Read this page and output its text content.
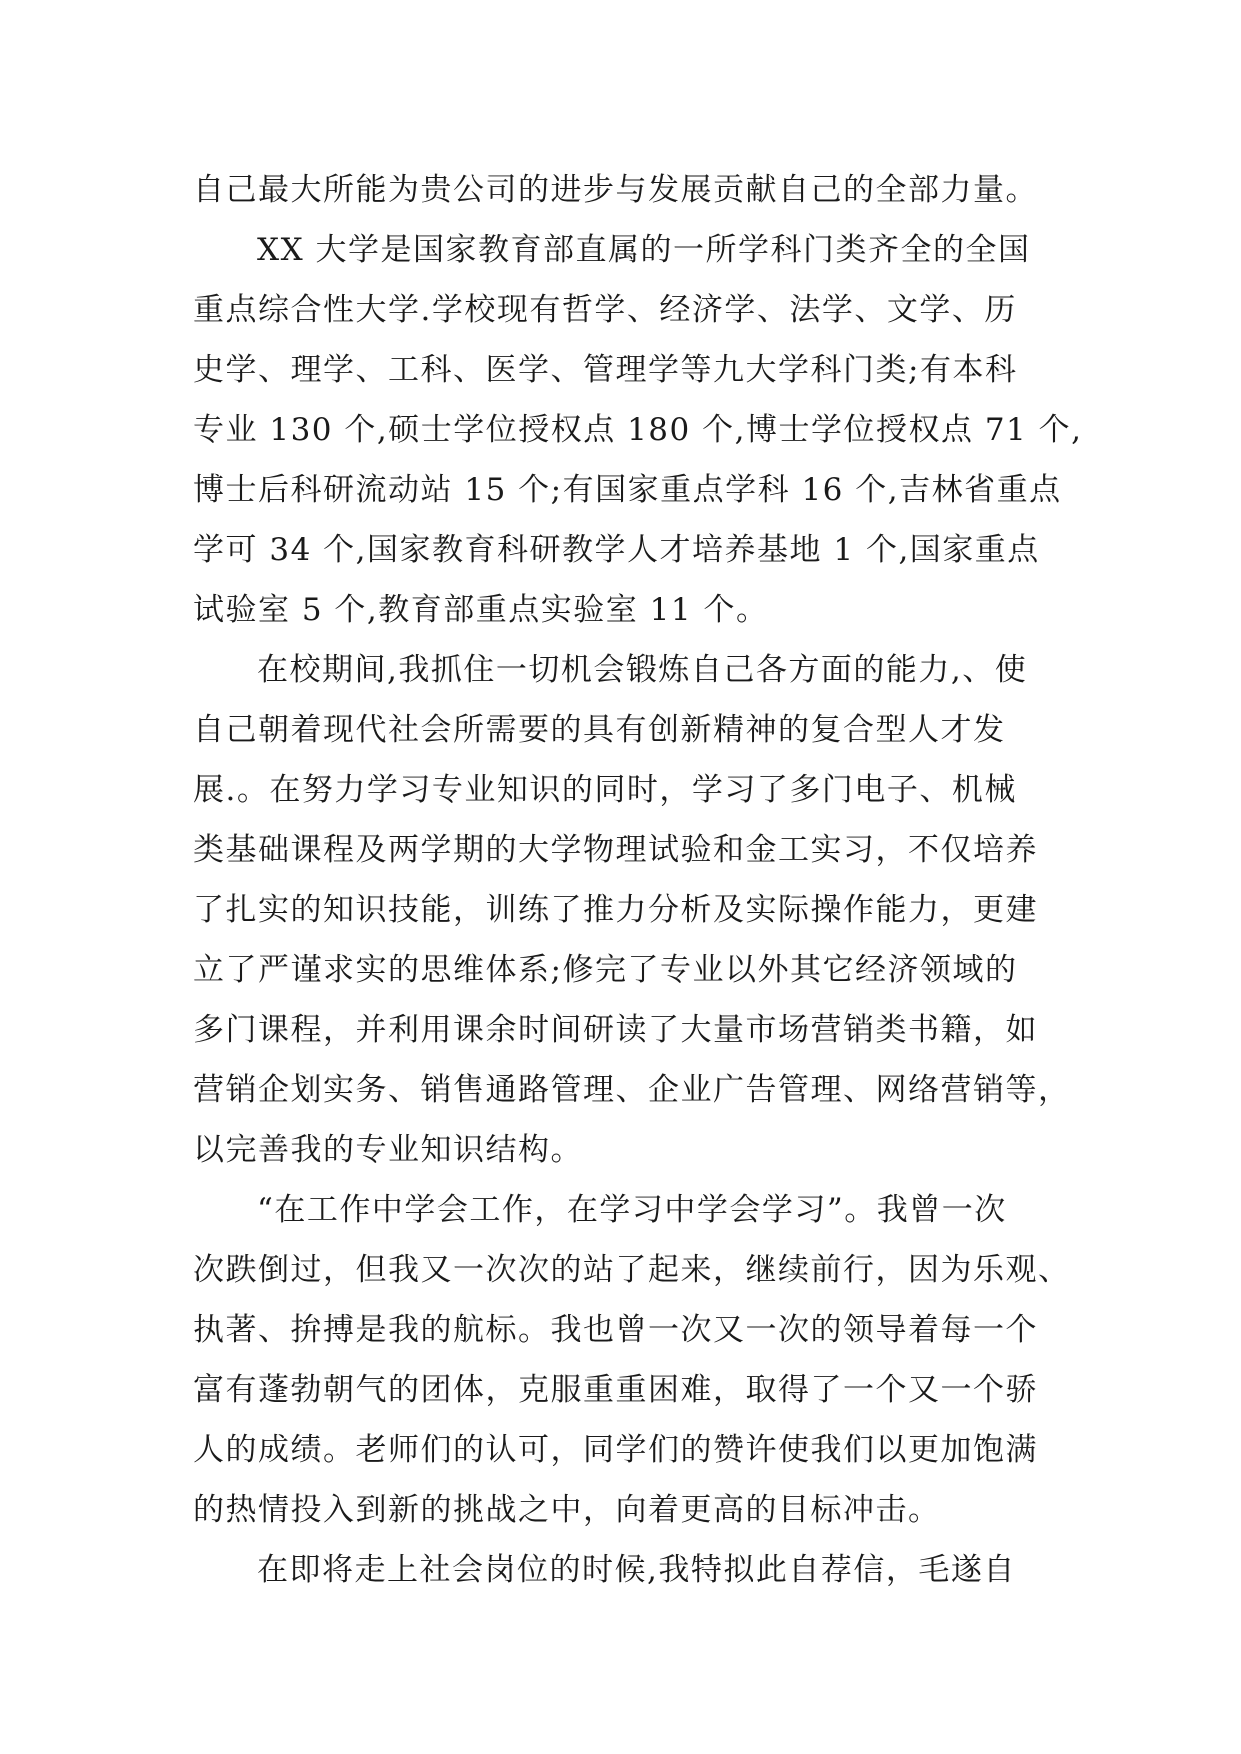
自己最大所能为贵公司的进步与发展贡献自己的全部力量。
XX 大学是国家教育部直属的一所学科门类齐全的全国
重点综合性大学.学校现有哲学、经济学、法学、文学、历
史学、理学、工科、医学、管理学等九大学科门类;有本科
专业 130 个,硕士学位授权点 180 个,博士学位授权点 71 个,
博士后科研流动站 15 个;有国家重点学科 16 个,吉林省重点
学可 34 个,国家教育科研教学人才培养基地 1 个,国家重点
试验室 5 个,教育部重点实验室 11 个。
在校期间,我抓住一切机会锻炼自己各方面的能力,、使
自己朝着现代社会所需要的具有创新精神的复合型人才发
展.。在努力学习专业知识的同时，学习了多门电子、机械
类基础课程及两学期的大学物理试验和金工实习，不仅培养
了扎实的知识技能，训练了推力分析及实际操作能力，更建
立了严谨求实的思维体系;修完了专业以外其它经济领域的
多门课程，并利用课余时间研读了大量市场营销类书籍，如
营销企划实务、销售通路管理、企业广告管理、网络营销等，
以完善我的专业知识结构。
“在工作中学会工作，在学习中学会学习”。我曾一次
次跌倒过，但我又一次次的站了起来，继续前行，因为乐观、
执著、拚搏是我的航标。我也曾一次又一次的领导着每一个
富有蓬勃朝气的团体，克服重重困难，取得了一个又一个骄
人的成绩。老师们的认可，同学们的赞许使我们以更加饱满
的热情投入到新的挑战之中，向着更高的目标冲击。
在即将走上社会岗位的时候,我特拟此自荐信，毛遂自
